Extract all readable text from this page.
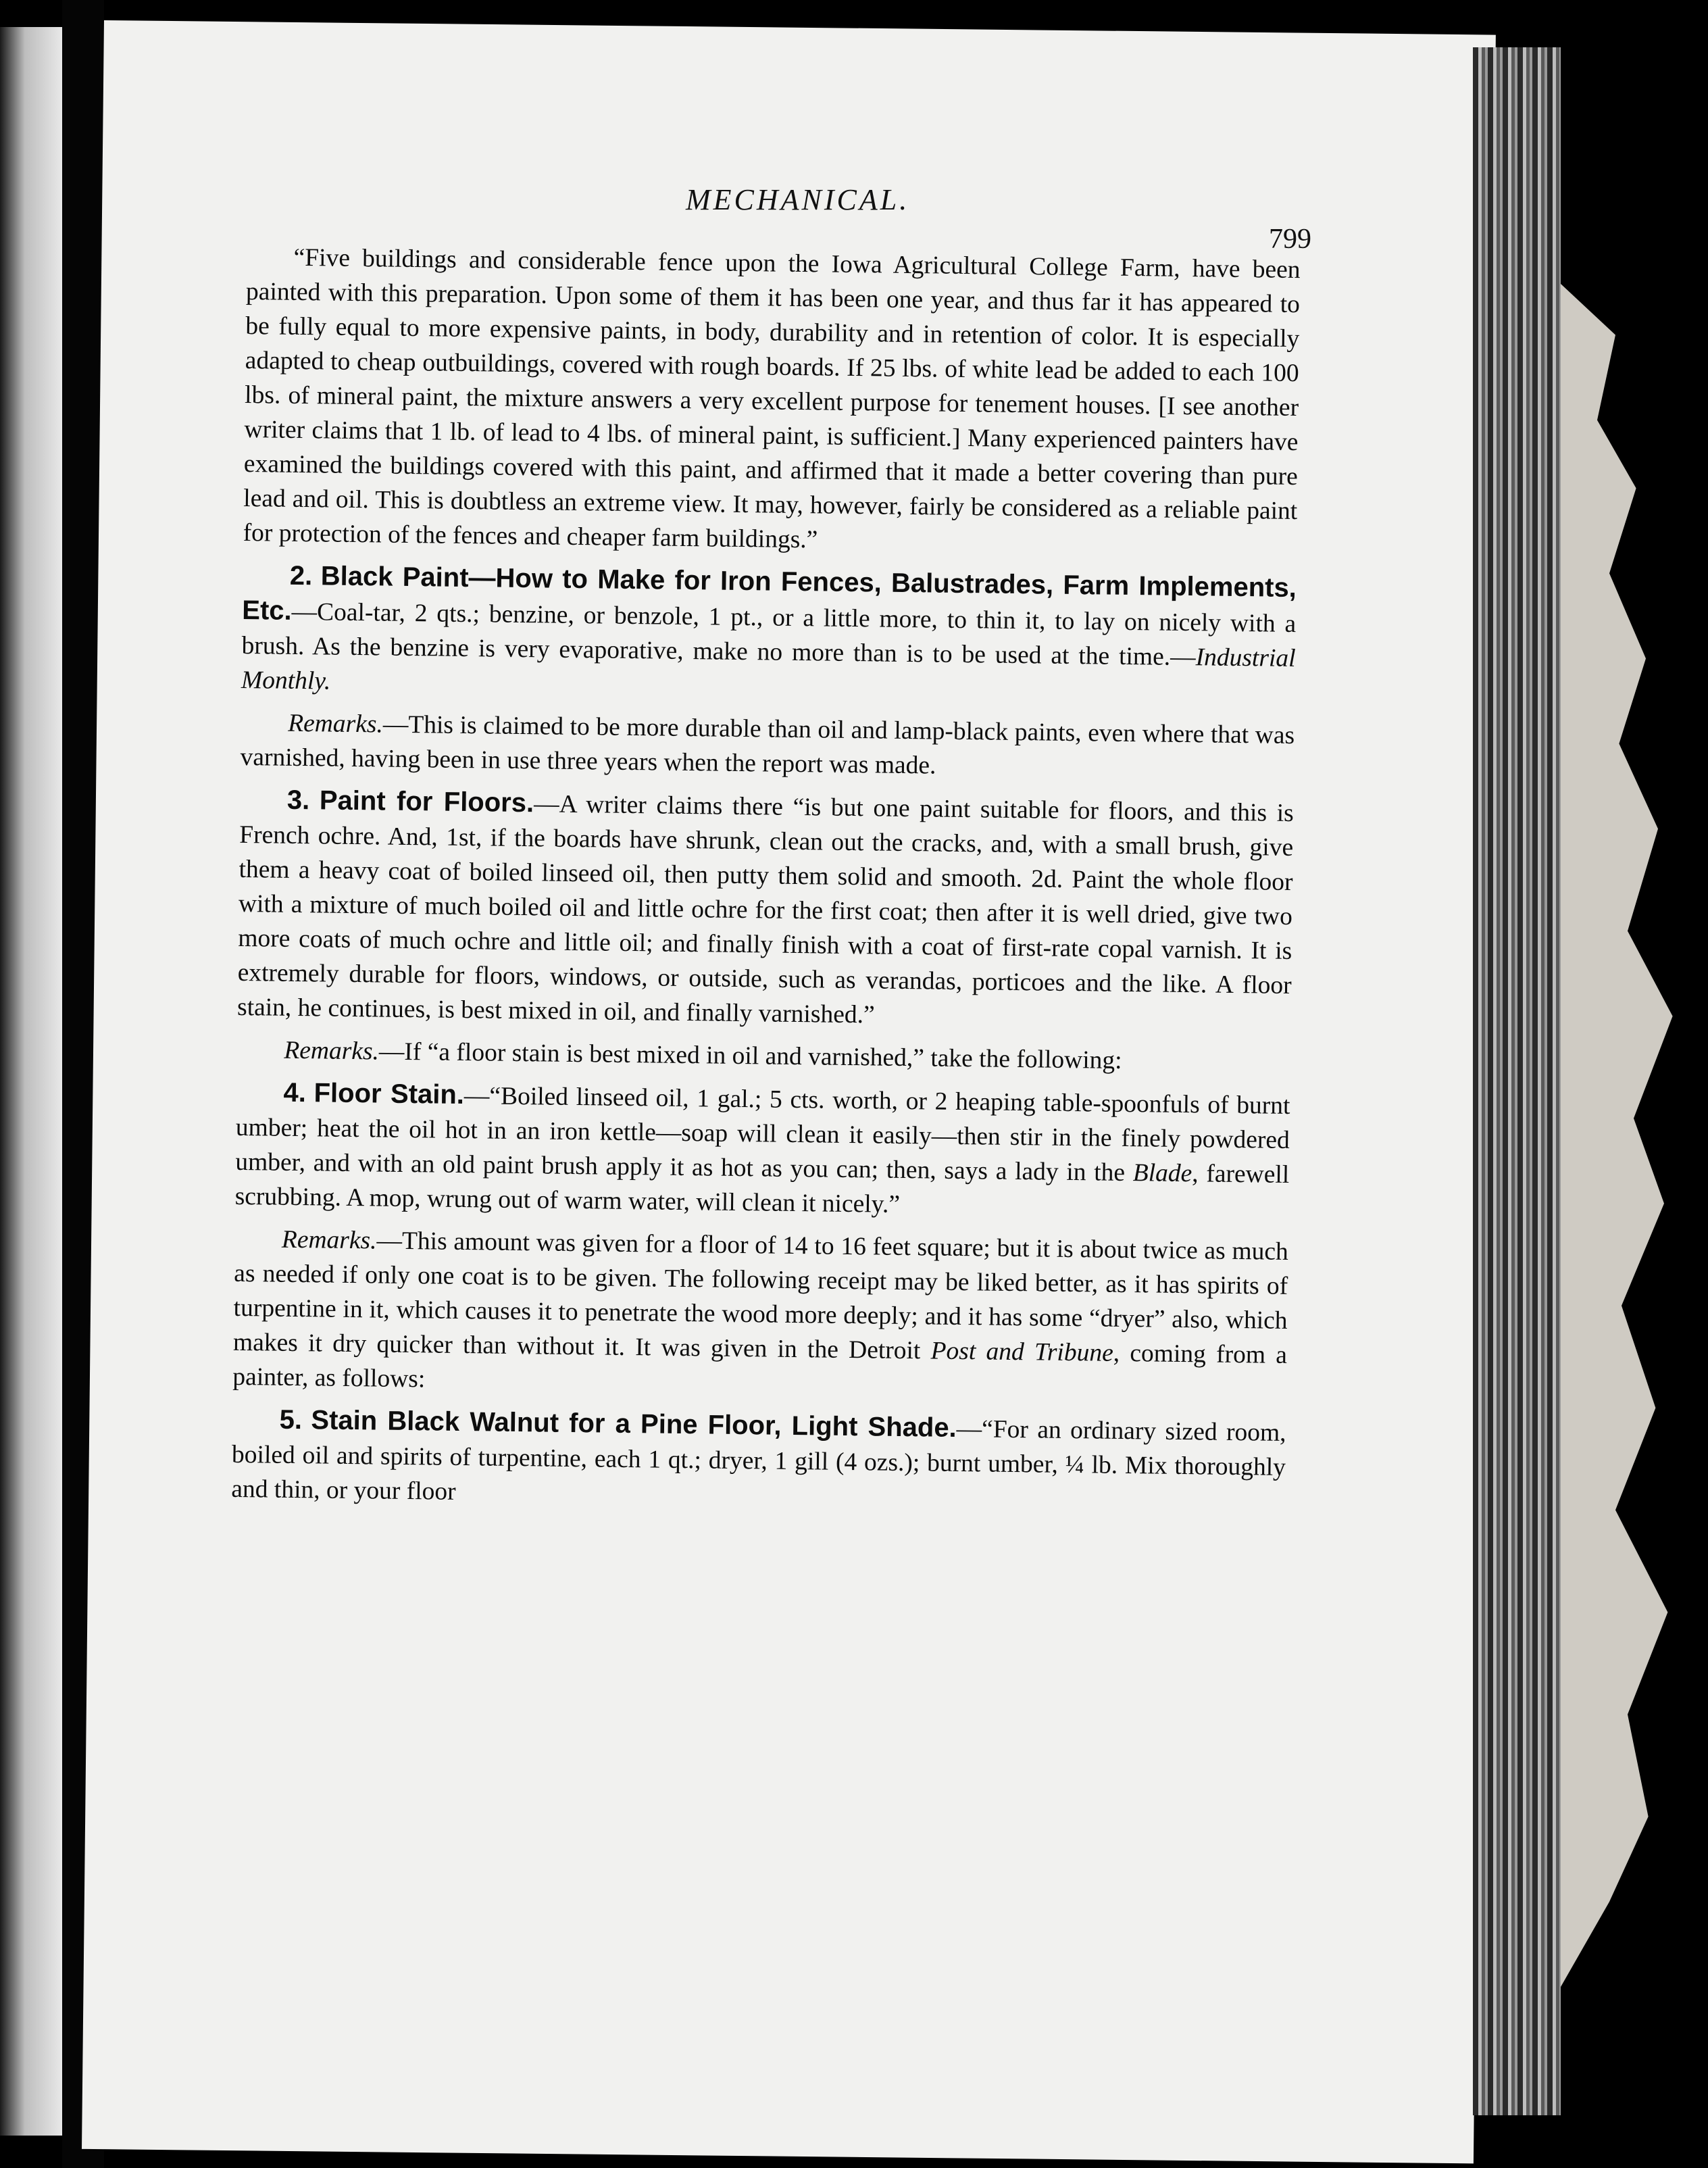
MECHANICAL.
799

“Five buildings and considerable fence upon the Iowa Agricultural College Farm, have been painted with this preparation. Upon some of them it has been one year, and thus far it has appeared to be fully equal to more expensive paints, in body, durability and in retention of color. It is especially adapted to cheap outbuildings, covered with rough boards. If 25 lbs. of white lead be added to each 100 lbs. of mineral paint, the mixture answers a very excellent purpose for tenement houses. [I see another writer claims that 1 lb. of lead to 4 lbs. of mineral paint, is sufficient.] Many experienced painters have examined the buildings covered with this paint, and affirmed that it made a better covering than pure lead and oil. This is doubtless an extreme view. It may, however, fairly be considered as a reliable paint for protection of the fences and cheaper farm buildings.”

2. Black Paint—How to Make for Iron Fences, Balustrades, Farm Implements, Etc.—Coal-tar, 2 qts.; benzine, or benzole, 1 pt., or a little more, to thin it, to lay on nicely with a brush. As the benzine is very evaporative, make no more than is to be used at the time.—Industrial Monthly.

Remarks.—This is claimed to be more durable than oil and lamp-black paints, even where that was varnished, having been in use three years when the report was made.

3. Paint for Floors.—A writer claims there “is but one paint suitable for floors, and this is French ochre. And, 1st, if the boards have shrunk, clean out the cracks, and, with a small brush, give them a heavy coat of boiled linseed oil, then putty them solid and smooth. 2d. Paint the whole floor with a mixture of much boiled oil and little ochre for the first coat; then after it is well dried, give two more coats of much ochre and little oil; and finally finish with a coat of first-rate copal varnish. It is extremely durable for floors, windows, or outside, such as verandas, porticoes and the like. A floor stain, he continues, is best mixed in oil, and finally varnished.”

Remarks.—If “a floor stain is best mixed in oil and varnished,” take the following:

4. Floor Stain.—“Boiled linseed oil, 1 gal.; 5 cts. worth, or 2 heaping table-spoonfuls of burnt umber; heat the oil hot in an iron kettle—soap will clean it easily—then stir in the finely powdered umber, and with an old paint brush apply it as hot as you can; then, says a lady in the Blade, farewell scrubbing. A mop, wrung out of warm water, will clean it nicely.”

Remarks.—This amount was given for a floor of 14 to 16 feet square; but it is about twice as much as needed if only one coat is to be given. The following receipt may be liked better, as it has spirits of turpentine in it, which causes it to penetrate the wood more deeply; and it has some “dryer” also, which makes it dry quicker than without it. It was given in the Detroit Post and Tribune, coming from a painter, as follows:

5. Stain Black Walnut for a Pine Floor, Light Shade.—“For an ordinary sized room, boiled oil and spirits of turpentine, each 1 qt.; dryer, 1 gill (4 ozs.); burnt umber, ¼ lb. Mix thoroughly and thin, or your floor
